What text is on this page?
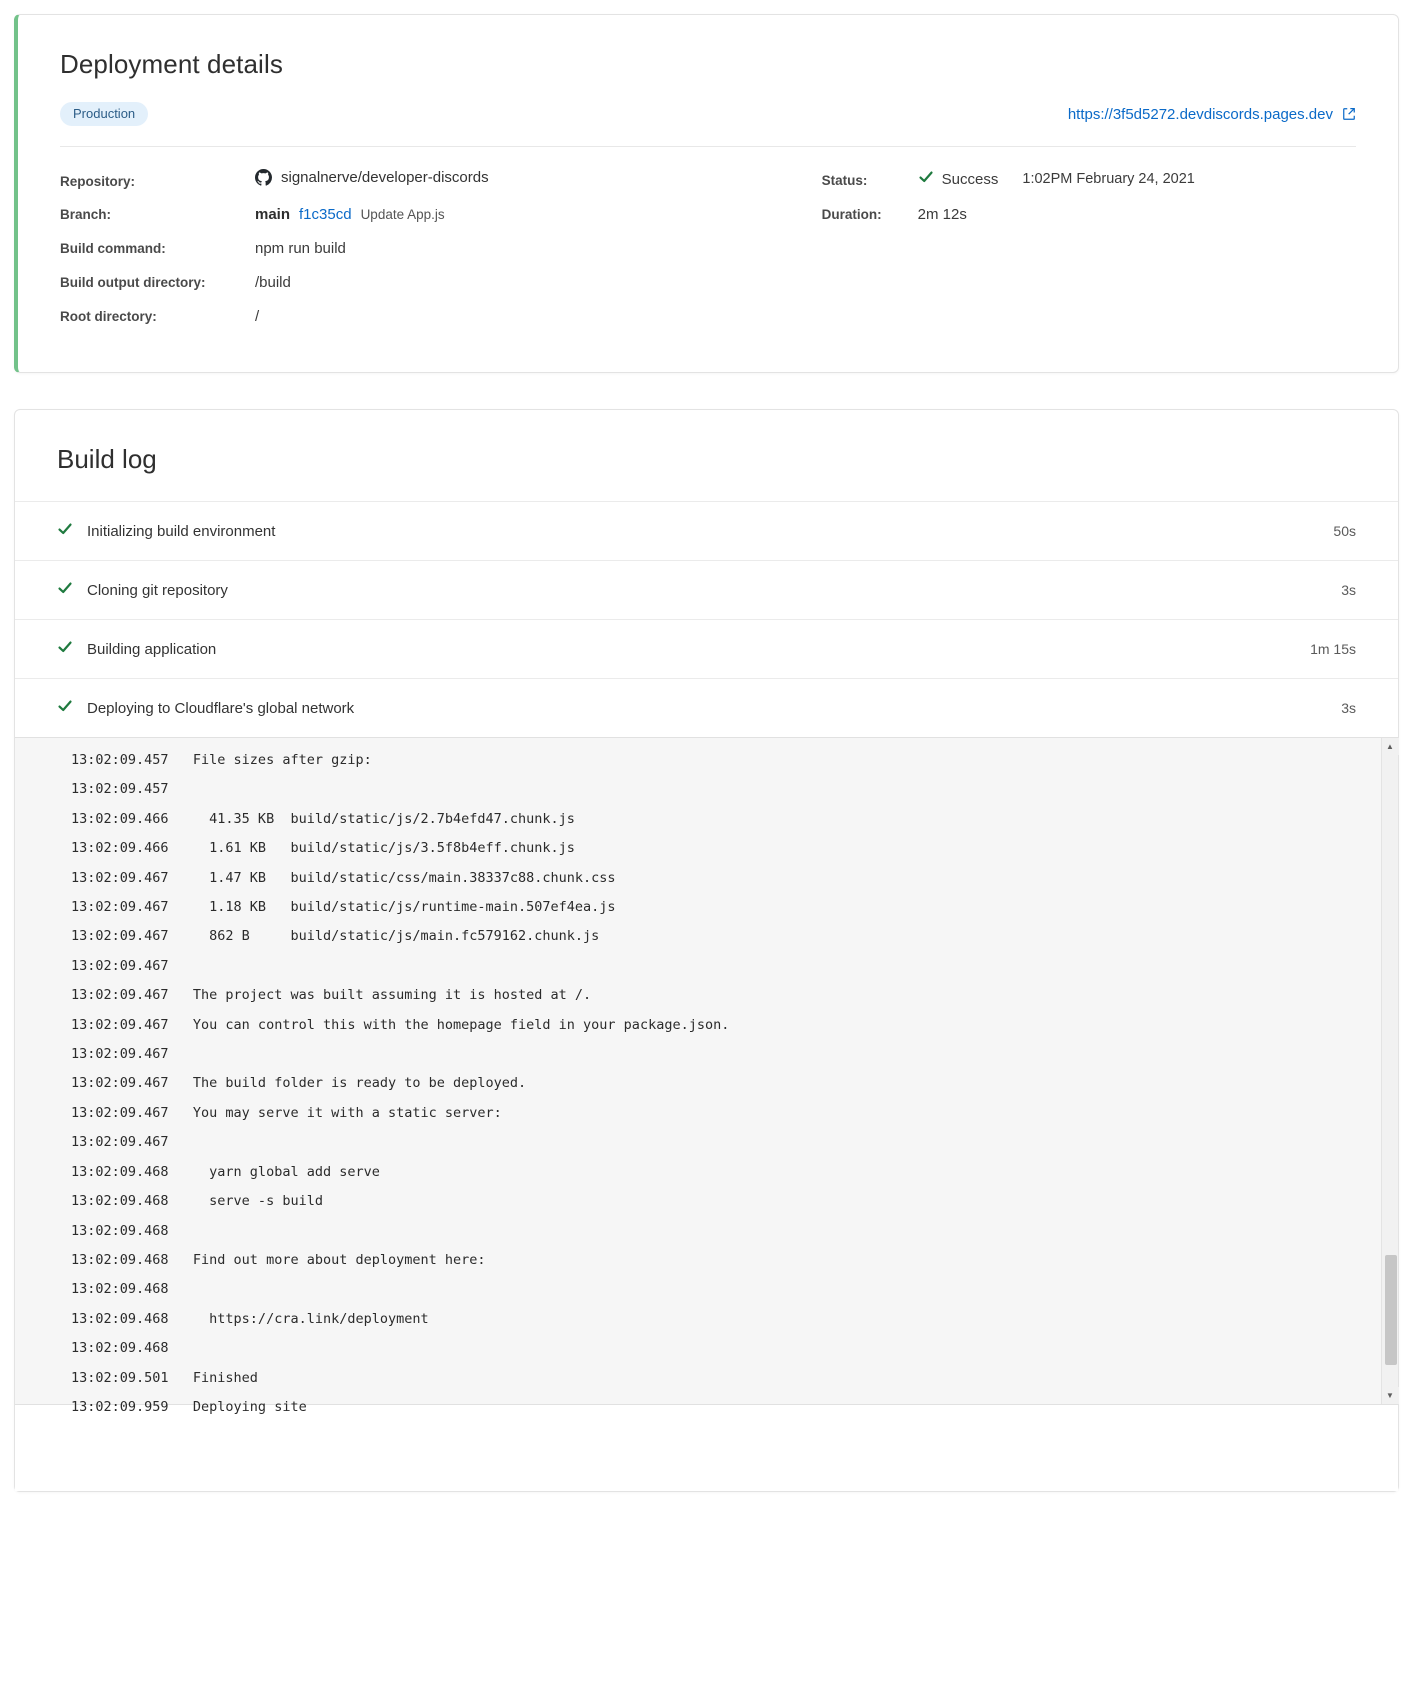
Deployment details
Production	https://3f5d5272.devdiscords.pages.dev
Repository:	signalnerve/developer-discords
Branch:	main f1c35cd Update App.js
Build command:	npm run build
Build output directory:	/build
Root directory:	/
Status:	Success 1:02PM February 24, 2021
Duration:	2m 12s
Build log
Initializing build environment	50s
Cloning git repository	3s
Building application	1m 15s
Deploying to Cloudflare's global network	3s
13:02:09.457   File sizes after gzip:
13:02:09.457
13:02:09.466     41.35 KB  build/static/js/2.7b4efd47.chunk.js
13:02:09.466     1.61 KB   build/static/js/3.5f8b4eff.chunk.js
13:02:09.467     1.47 KB   build/static/css/main.38337c88.chunk.css
13:02:09.467     1.18 KB   build/static/js/runtime-main.507ef4ea.js
13:02:09.467     862 B     build/static/js/main.fc579162.chunk.js
13:02:09.467
13:02:09.467   The project was built assuming it is hosted at /.
13:02:09.467   You can control this with the homepage field in your package.json.
13:02:09.467
13:02:09.467   The build folder is ready to be deployed.
13:02:09.467   You may serve it with a static server:
13:02:09.467
13:02:09.468     yarn global add serve
13:02:09.468     serve -s build
13:02:09.468
13:02:09.468   Find out more about deployment here:
13:02:09.468
13:02:09.468     https://cra.link/deployment
13:02:09.468
13:02:09.501   Finished
13:02:09.959   Deploying site
▲
▼
